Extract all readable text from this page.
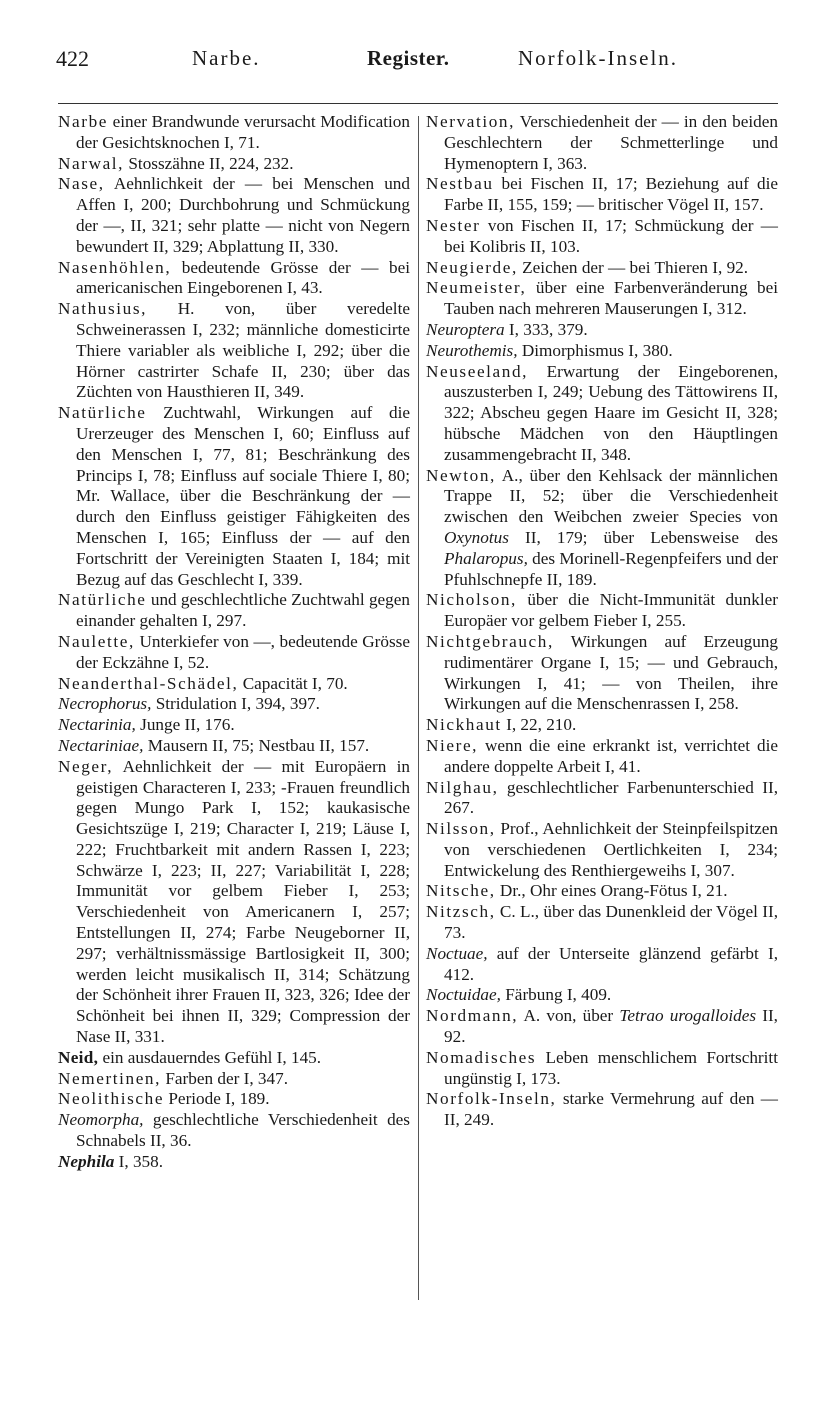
422	Narbe.	Register.	Norfolk-Inseln.

Narbe einer Brandwunde verursacht Modification der Gesichtsknochen I, 71.

Narwal, Stosszähne II, 224, 232.

Nase, Aehnlichkeit der — bei Menschen und Affen I, 200; Durchbohrung und Schmückung der —, II, 321; sehr platte — nicht von Negern bewundert II, 329; Abplattung II, 330.

Nasenhöhlen, bedeutende Grösse der — bei americanischen Eingeborenen I, 43.

Nathusius, H. von, über veredelte Schweinerassen I, 232; männliche domesticirte Thiere variabler als weibliche I, 292; über die Hörner castrirter Schafe II, 230; über das Züchten von Hausthieren II, 349.

Natürliche Zuchtwahl, Wirkungen auf die Urerzeuger des Menschen I, 60; Einfluss auf den Menschen I, 77, 81; Beschränkung des Princips I, 78; Einfluss auf sociale Thiere I, 80; Mr. Wallace, über die Beschränkung der — durch den Einfluss geistiger Fähigkeiten des Menschen I, 165; Einfluss der — auf den Fortschritt der Vereinigten Staaten I, 184; mit Bezug auf das Geschlecht I, 339.

Natürliche und geschlechtliche Zuchtwahl gegen einander gehalten I, 297.

Naulette, Unterkiefer von —, bedeutende Grösse der Eckzähne I, 52.

Neanderthal-Schädel, Capacität I, 70.

Necrophorus, Stridulation I, 394, 397.

Nectarinia, Junge II, 176.

Nectariniae, Mausern II, 75; Nestbau II, 157.

Neger, Aehnlichkeit der — mit Europäern in geistigen Characteren I, 233; -Frauen freundlich gegen Mungo Park I, 152; kaukasische Gesichtszüge I, 219; Character I, 219; Läuse I, 222; Fruchtbarkeit mit andern Rassen I, 223; Schwärze I, 223; II, 227; Variabilität I, 228; Immunität vor gelbem Fieber I, 253; Verschiedenheit von Americanern I, 257; Entstellungen II, 274; Farbe Neugeborner II, 297; verhältnissmässige Bartlosigkeit II, 300; werden leicht musikalisch II, 314; Schätzung der Schönheit ihrer Frauen II, 323, 326; Idee der Schönheit bei ihnen II, 329; Compression der Nase II, 331.

Neid, ein ausdauerndes Gefühl I, 145.

Nemertinen, Farben der I, 347.

Neolithische Periode I, 189.

Neomorpha, geschlechtliche Verschiedenheit des Schnabels II, 36.

Nephila I, 358.

Nervation, Verschiedenheit der — in den beiden Geschlechtern der Schmetterlinge und Hymenoptern I, 363.

Nestbau bei Fischen II, 17; Beziehung auf die Farbe II, 155, 159; — britischer Vögel II, 157.

Nester von Fischen II, 17; Schmückung der — bei Kolibris II, 103.

Neugierde, Zeichen der — bei Thieren I, 92.

Neumeister, über eine Farbenveränderung bei Tauben nach mehreren Mauserungen I, 312.

Neuroptera I, 333, 379.

Neurothemis, Dimorphismus I, 380.

Neuseeland, Erwartung der Eingeborenen, auszusterben I, 249; Uebung des Tättowirens II, 322; Abscheu gegen Haare im Gesicht II, 328; hübsche Mädchen von den Häuptlingen zusammengebracht II, 348.

Newton, A., über den Kehlsack der männlichen Trappe II, 52; über die Verschiedenheit zwischen den Weibchen zweier Species von Oxynotus II, 179; über Lebensweise des Phalaropus, des Morinell-Regenpfeifers und der Pfuhlschnepfe II, 189.

Nicholson, über die Nicht-Immunität dunkler Europäer vor gelbem Fieber I, 255.

Nichtgebrauch, Wirkungen auf Erzeugung rudimentärer Organe I, 15; — und Gebrauch, Wirkungen I, 41; — von Theilen, ihre Wirkungen auf die Menschenrassen I, 258.

Nickhaut I, 22, 210.

Niere, wenn die eine erkrankt ist, verrichtet die andere doppelte Arbeit I, 41.

Nilghau, geschlechtlicher Farbenunterschied II, 267.

Nilsson, Prof., Aehnlichkeit der Steinpfeilspitzen von verschiedenen Oertlichkeiten I, 234; Entwickelung des Renthiergeweihs I, 307.

Nitsche, Dr., Ohr eines Orang-Fötus I, 21.

Nitzsch, C. L., über das Dunenkleid der Vögel II, 73.

Noctuae, auf der Unterseite glänzend gefärbt I, 412.

Noctuidae, Färbung I, 409.

Nordmann, A. von, über Tetrao urogalloides II, 92.

Nomadisches Leben menschlichem Fortschritt ungünstig I, 173.

Norfolk-Inseln, starke Vermehrung auf den — II, 249.
